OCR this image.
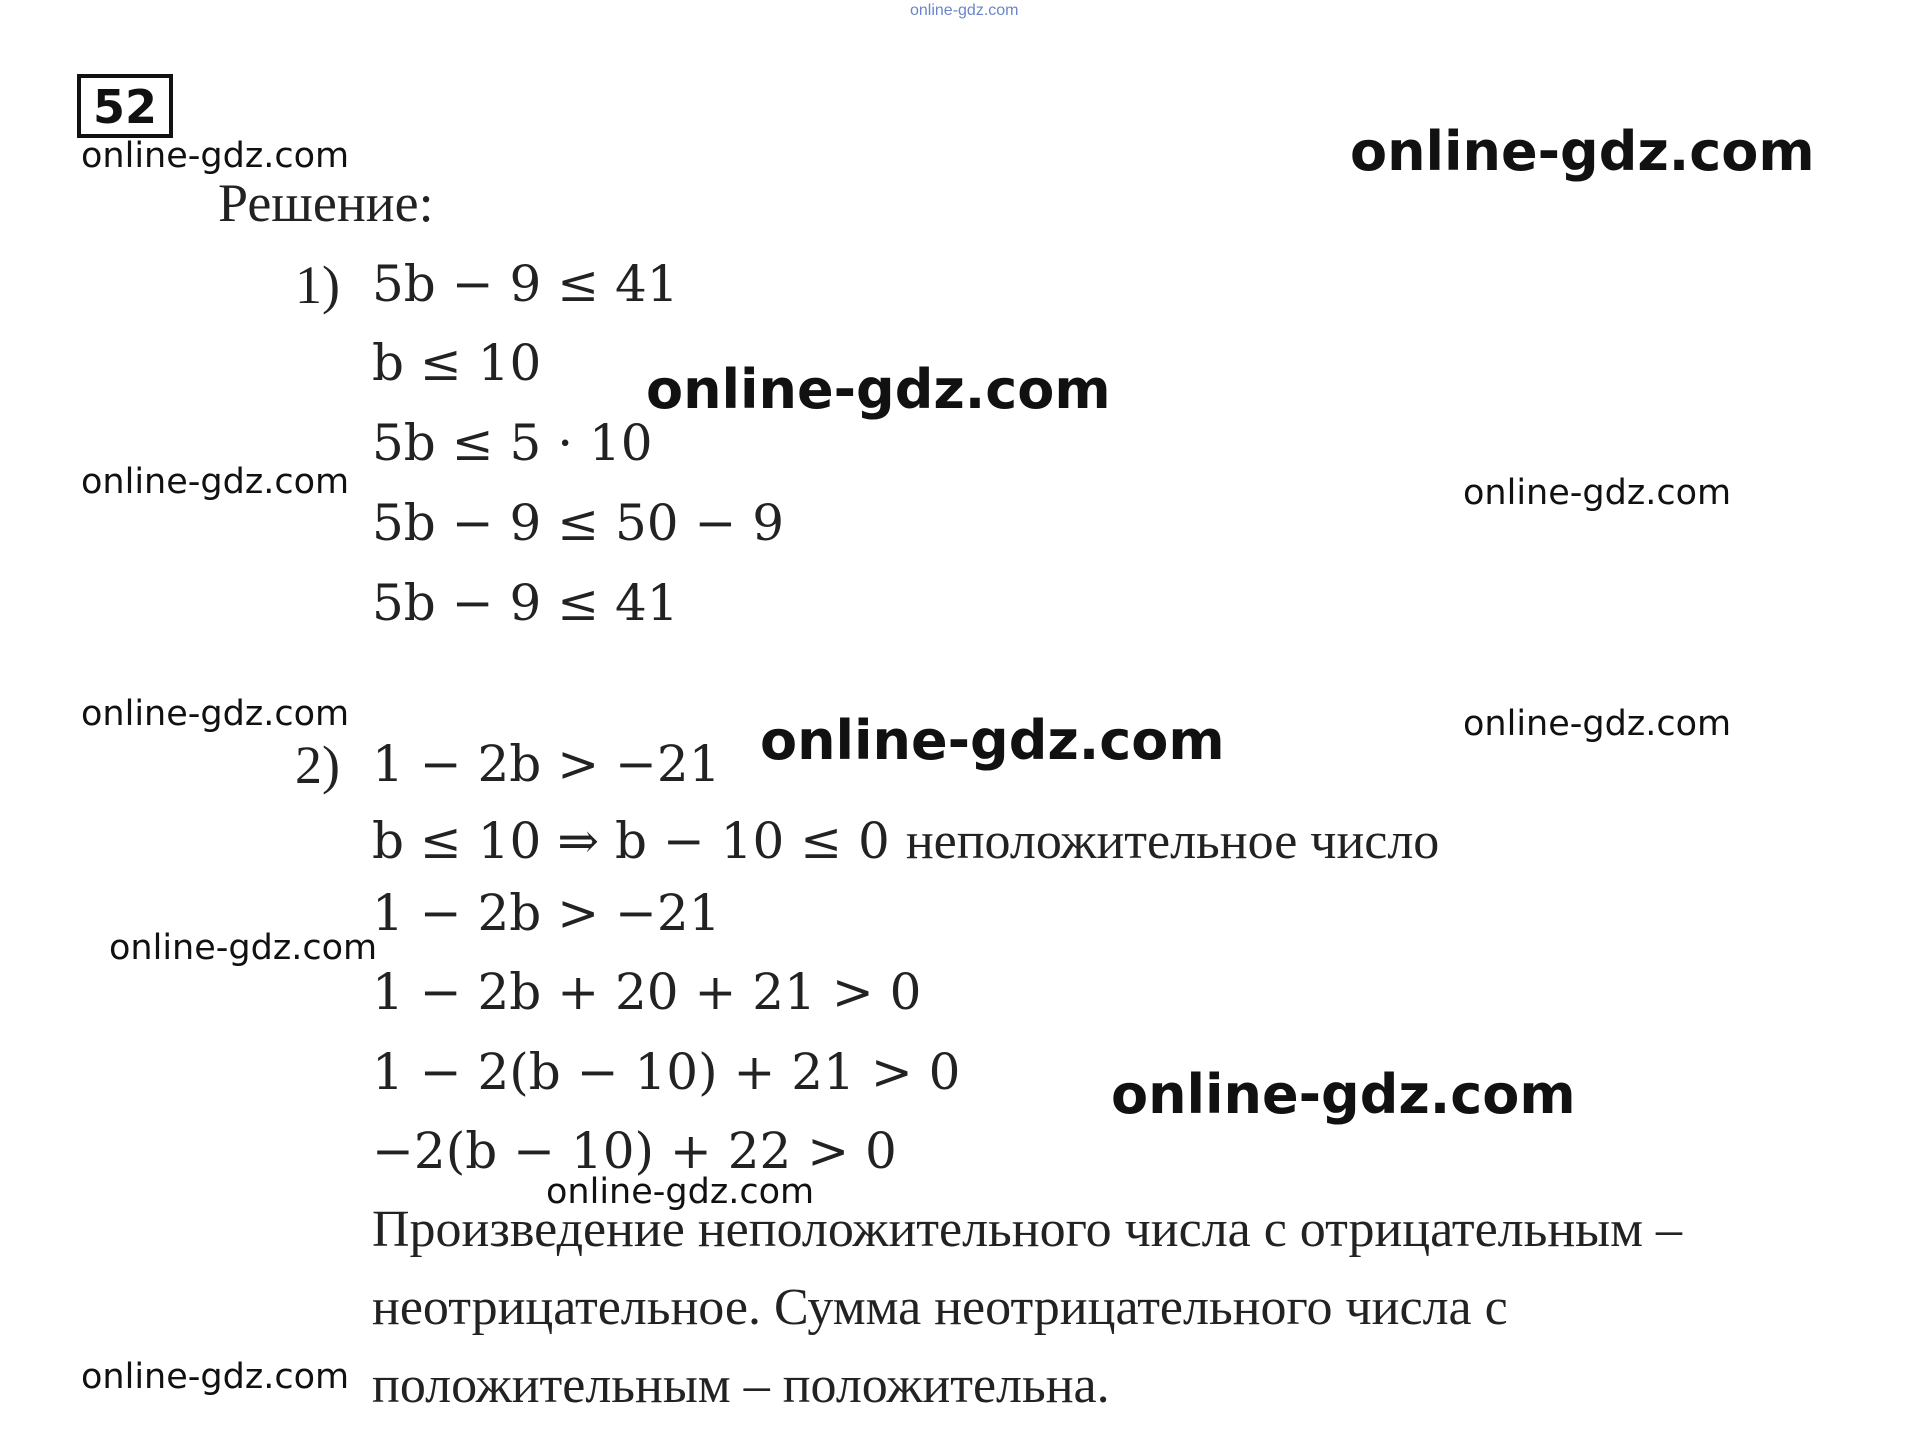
online-gdz.com
52
Решение:
1) 5b − 9 ≤ 41
b ≤ 10
5b ≤ 5 · 10
5b − 9 ≤ 50 − 9
5b − 9 ≤ 41
2) 1 − 2b > −21
b ≤ 10 ⇒ b − 10 ≤ 0 неположительное число
1 − 2b > −21
1 − 2b + 20 + 21 > 0
1 − 2(b − 10) + 21 > 0
−2(b − 10) + 22 > 0
Произведение неположительного числа с отрицательным –
неотрицательное. Сумма неотрицательного числа с
положительным – положительна.
online-gdz.com	online-gdz.com
online-gdz.com
online-gdz.com	online-gdz.com
online-gdz.com	online-gdz.com
online-gdz.com
online-gdz.com
online-gdz.com
online-gdz.com
online-gdz.com
